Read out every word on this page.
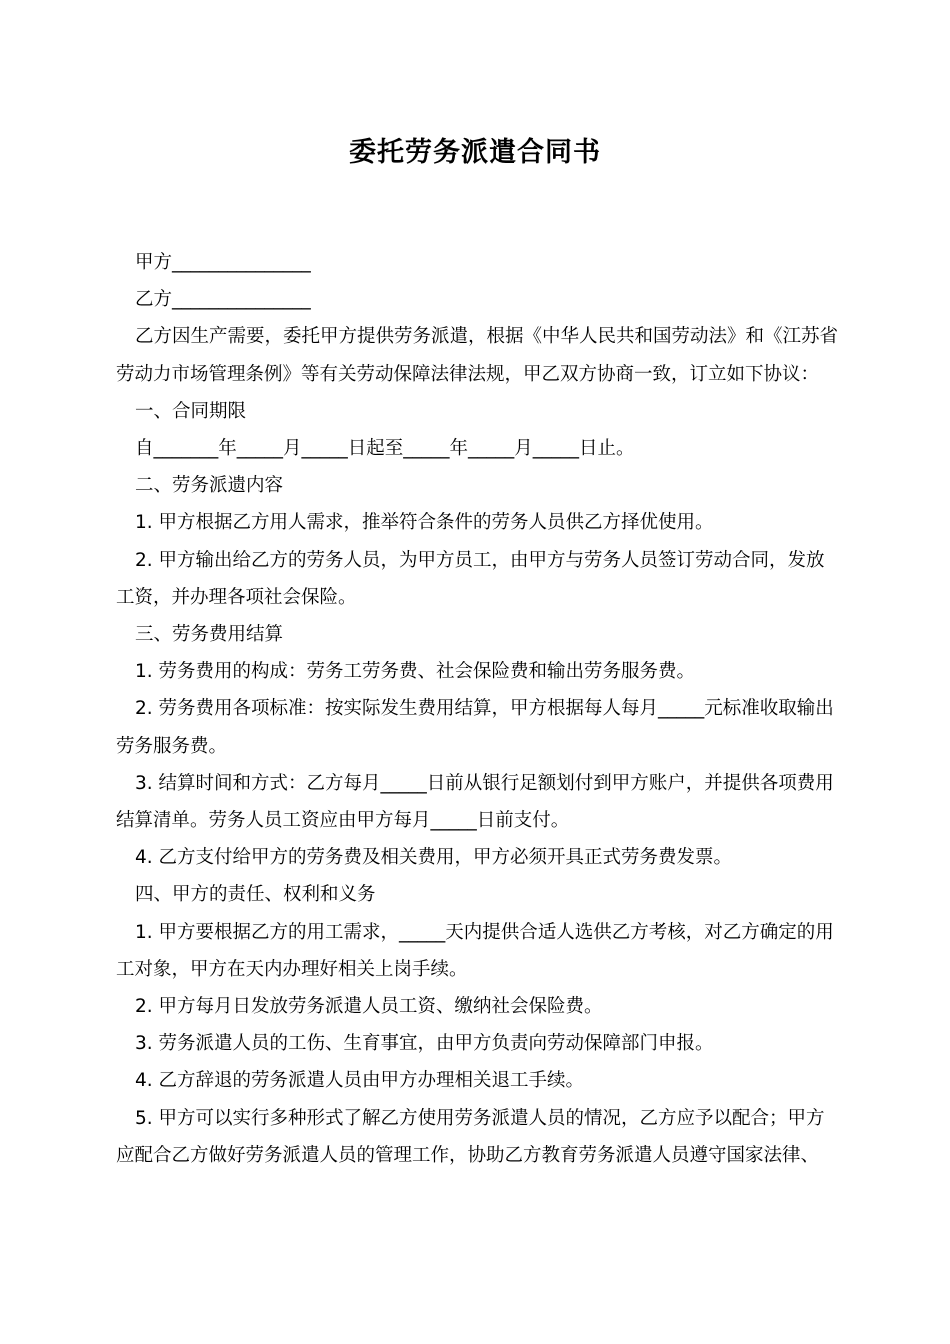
委托劳务派遣合同书

甲方_______________

乙方_______________

乙方因生产需要，委托甲方提供劳务派遣，根据《中华人民共和国劳动法》和《江苏省劳动力市场管理条例》等有关劳动保障法律法规，甲乙双方协商一致，订立如下协议：

一、合同期限

自_______年_____月_____日起至_____年_____月_____日止。

二、劳务派遗内容

1. 甲方根据乙方用人需求，推举符合条件的劳务人员供乙方择优使用。

2. 甲方输出给乙方的劳务人员，为甲方员工，由甲方与劳务人员签订劳动合同，发放工资，并办理各项社会保险。

三、劳务费用结算

1. 劳务费用的构成：劳务工劳务费、社会保险费和输出劳务服务费。

2. 劳务费用各项标准：按实际发生费用结算，甲方根据每人每月_____元标准收取输出劳务服务费。

3. 结算时间和方式：乙方每月_____日前从银行足额划付到甲方账户，并提供各项费用结算清单。劳务人员工资应由甲方每月_____日前支付。

4. 乙方支付给甲方的劳务费及相关费用，甲方必须开具正式劳务费发票。

四、甲方的责任、权利和义务

1. 甲方要根据乙方的用工需求，_____天内提供合适人选供乙方考核，对乙方确定的用工对象，甲方在天内办理好相关上岗手续。

2. 甲方每月日发放劳务派遣人员工资、缴纳社会保险费。

3. 劳务派遣人员的工伤、生育事宜，由甲方负责向劳动保障部门申报。

4. 乙方辞退的劳务派遣人员由甲方办理相关退工手续。

5. 甲方可以实行多种形式了解乙方使用劳务派遣人员的情况，乙方应予以配合；甲方应配合乙方做好劳务派遣人员的管理工作，协助乙方教育劳务派遣人员遵守国家法律、
